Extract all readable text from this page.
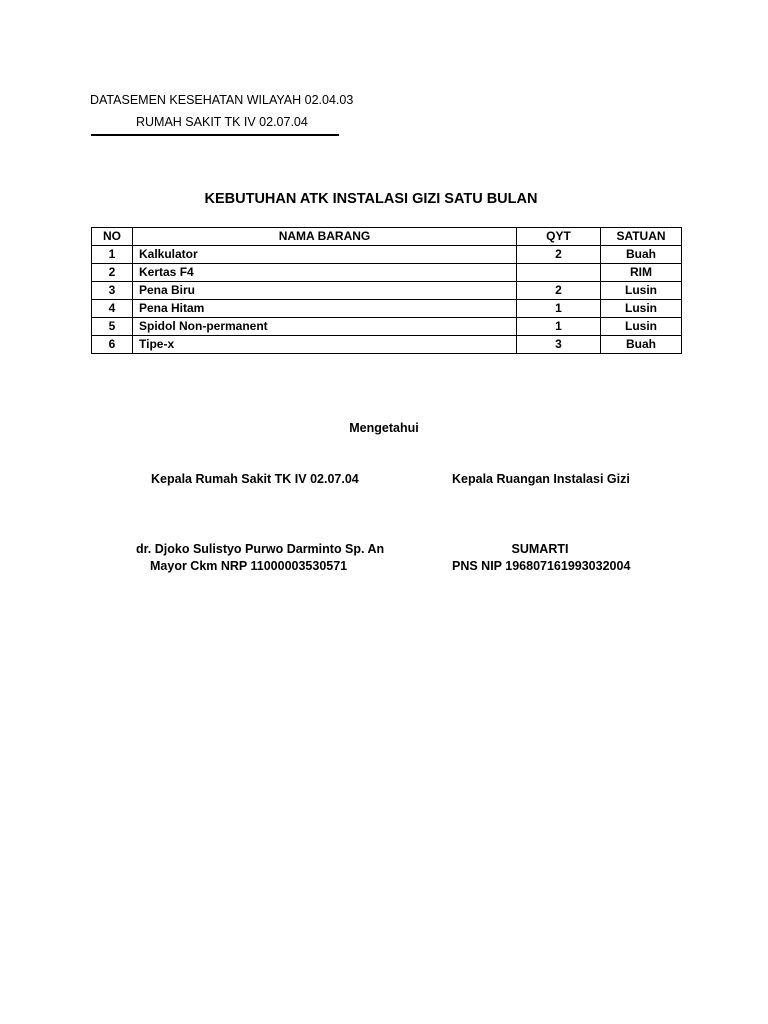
DATASEMEN KESEHATAN WILAYAH 02.04.03
RUMAH SAKIT TK IV 02.07.04
KEBUTUHAN ATK INSTALASI GIZI SATU BULAN
NO	NAMA BARANG	QYT	SATUAN
1	Kalkulator	2	Buah
2	Kertas F4		RIM
3	Pena Biru	2	Lusin
4	Pena Hitam	1	Lusin
5	Spidol Non-permanent	1	Lusin
6	Tipe-x	3	Buah
Mengetahui
Kepala Rumah Sakit TK IV 02.07.04	Kepala Ruangan Instalasi Gizi
dr. Djoko Sulistyo Purwo Darminto Sp. An
Mayor Ckm NRP 11000003530571
SUMARTI
PNS NIP 196807161993032004
